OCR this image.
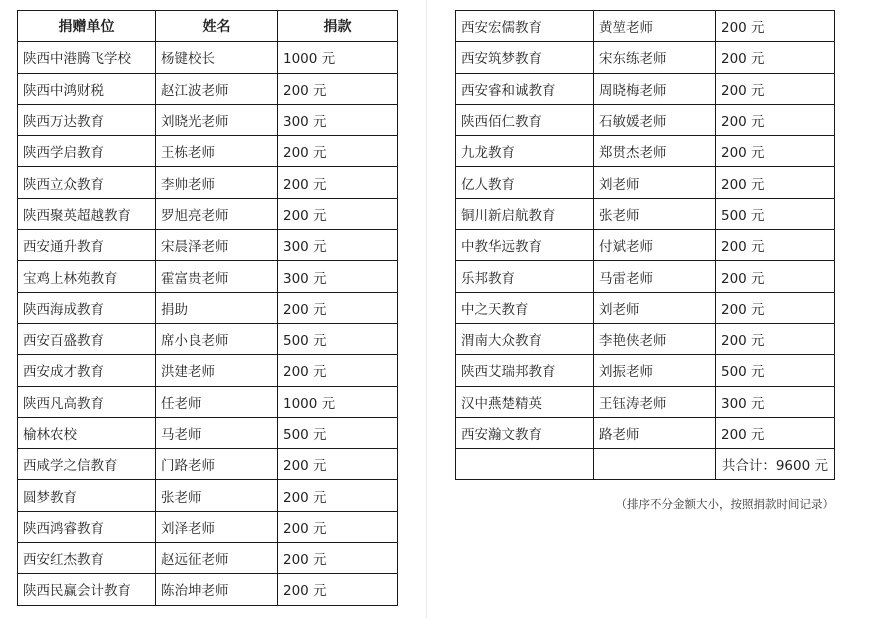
捐赠单位	姓名	捐款
陕西中港腾飞学校	杨键校长	1000 元
陕西中鸿财税	赵江波老师	200 元
陕西万达教育	刘晓光老师	300 元
陕西学启教育	王栋老师	200 元
陕西立众教育	李帅老师	200 元
陕西聚英超越教育	罗旭亮老师	200 元
西安通升教育	宋晨泽老师	300 元
宝鸡上林苑教育	霍富贵老师	300 元
陕西海成教育	捐助	200 元
西安百盛教育	席小良老师	500 元
西安成才教育	洪建老师	200 元
陕西凡高教育	任老师	1000 元
榆林农校	马老师	500 元
西咸学之信教育	门路老师	200 元
圆梦教育	张老师	200 元
陕西鸿睿教育	刘泽老师	200 元
西安红杰教育	赵远征老师	200 元
陕西民赢会计教育	陈治坤老师	200 元
西安宏儒教育	黄堃老师	200 元
西安筑梦教育	宋东练老师	200 元
西安睿和诚教育	周晓梅老师	200 元
陕西佰仁教育	石敏媛老师	200 元
九龙教育	郑贯杰老师	200 元
亿人教育	刘老师	200 元
铜川新启航教育	张老师	500 元
中教华远教育	付斌老师	200 元
乐邦教育	马雷老师	200 元
中之天教育	刘老师	200 元
渭南大众教育	李艳侠老师	200 元
陕西艾瑞邦教育	刘振老师	500 元
汉中燕楚精英	王钰涛老师	300 元
西安瀚文教育	路老师	200 元
		共合计：9600 元
（排序不分金额大小，按照捐款时间记录）
